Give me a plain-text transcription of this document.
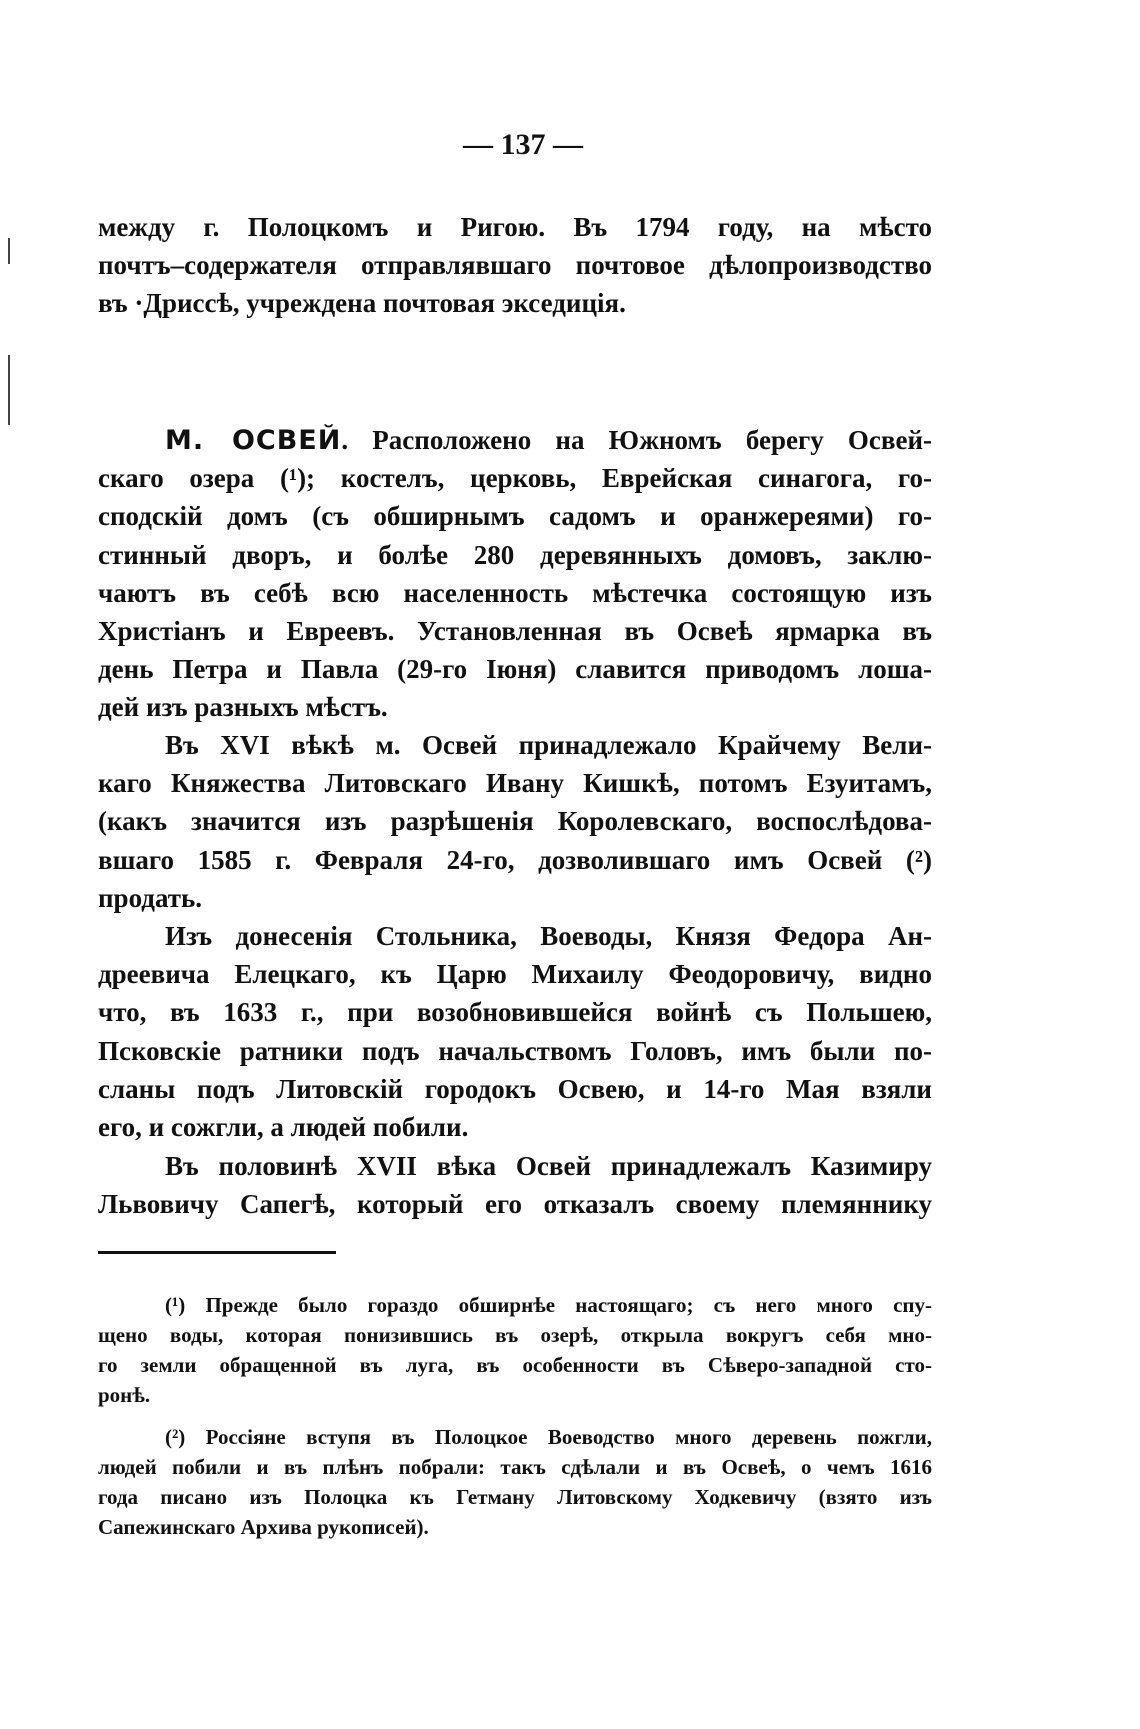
— 137 —
между г. Полоцкомъ и Ригою. Въ 1794 году, на мѣсто
почтъ–содержателя отправлявшаго почтовое дѣлопроизводство
въ ·Дриссѣ, учреждена почтовая экседиція.
М. ОСВЕЙ. Расположено на Южномъ берегу Освей-
скаго озера (¹); костелъ, церковь, Еврейская синагога, го-
сподскій домъ (съ обширнымъ садомъ и оранжереями) го-
стинный дворъ, и болѣе 280 деревянныхъ домовъ, заклю-
чаютъ въ себѣ всю населенность мѣстечка состоящую изъ
Христіанъ и Евреевъ. Установленная въ Освеѣ ярмарка въ
день Петра и Павла (29-го Іюня) славится приводомъ лоша-
дей изъ разныхъ мѣстъ.
Въ XVI вѣкѣ м. Освей принадлежало Крайчему Вели-
каго Княжества Литовскаго Ивану Кишкѣ, потомъ Езуитамъ,
(какъ значится изъ разрѣшенія Королевскаго, воспослѣдова-
вшаго 1585 г. Февраля 24-го, дозволившаго имъ Освей (²)
продать.
Изъ донесенія Стольника, Воеводы, Князя Федора Ан-
дреевича Елецкаго, къ Царю Михаилу Феодоровичу, видно
что, въ 1633 г., при возобновившейся войнѣ съ Польшею,
Псковскіе ратники подъ начальствомъ Головъ, имъ были по-
сланы подъ Литовскій городокъ Освею, и 14-го Мая взяли
его, и сожгли, а людей побили.
Въ половинѣ XVII вѣка Освей принадлежалъ Казимиру
Львовичу Сапегѣ, который его отказалъ своему племяннику
(¹) Прежде было гораздо обширнѣе настоящаго; съ него много спу-
щено воды, которая понизившись въ озерѣ, открыла вокругъ себя мно-
го земли обращенной въ луга, въ особенности въ Сѣверо-западной сто-
ронѣ.
(²) Россіяне вступя въ Полоцкое Воеводство много деревень пожгли,
людей побили и въ плѣнъ побрали: такъ сдѣлали и въ Освеѣ, о чемъ 1616
года писано изъ Полоцка къ Гетману Литовскому Ходкевичу (взято изъ
Сапежинскаго Архива рукописей).
